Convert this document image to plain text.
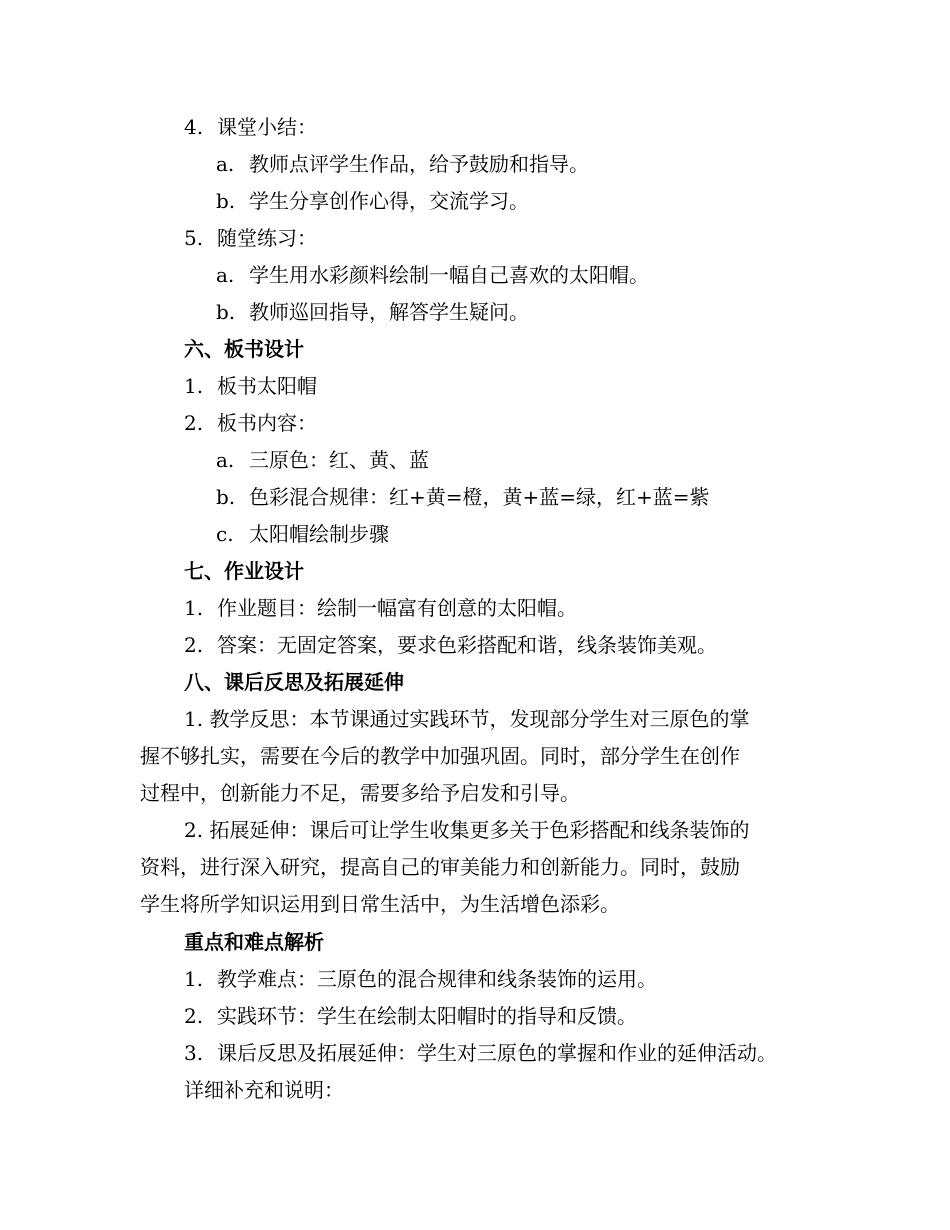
4. 课堂小结：
a. 教师点评学生作品，给予鼓励和指导。
b. 学生分享创作心得，交流学习。
5. 随堂练习：
a. 学生用水彩颜料绘制一幅自己喜欢的太阳帽。
b. 教师巡回指导，解答学生疑问。
六、板书设计
1. 板书太阳帽
2. 板书内容：
a. 三原色：红、黄、蓝
b. 色彩混合规律：红+黄=橙，黄+蓝=绿，红+蓝=紫
c. 太阳帽绘制步骤
七、作业设计
1. 作业题目：绘制一幅富有创意的太阳帽。
2. 答案：无固定答案，要求色彩搭配和谐，线条装饰美观。
八、课后反思及拓展延伸
1. 教学反思：本节课通过实践环节，发现部分学生对三原色的掌
握不够扎实，需要在今后的教学中加强巩固。同时，部分学生在创作
过程中，创新能力不足，需要多给予启发和引导。
2. 拓展延伸：课后可让学生收集更多关于色彩搭配和线条装饰的
资料，进行深入研究，提高自己的审美能力和创新能力。同时，鼓励
学生将所学知识运用到日常生活中，为生活增色添彩。
重点和难点解析
1. 教学难点：三原色的混合规律和线条装饰的运用。
2. 实践环节：学生在绘制太阳帽时的指导和反馈。
3. 课后反思及拓展延伸：学生对三原色的掌握和作业的延伸活动。
详细补充和说明：
